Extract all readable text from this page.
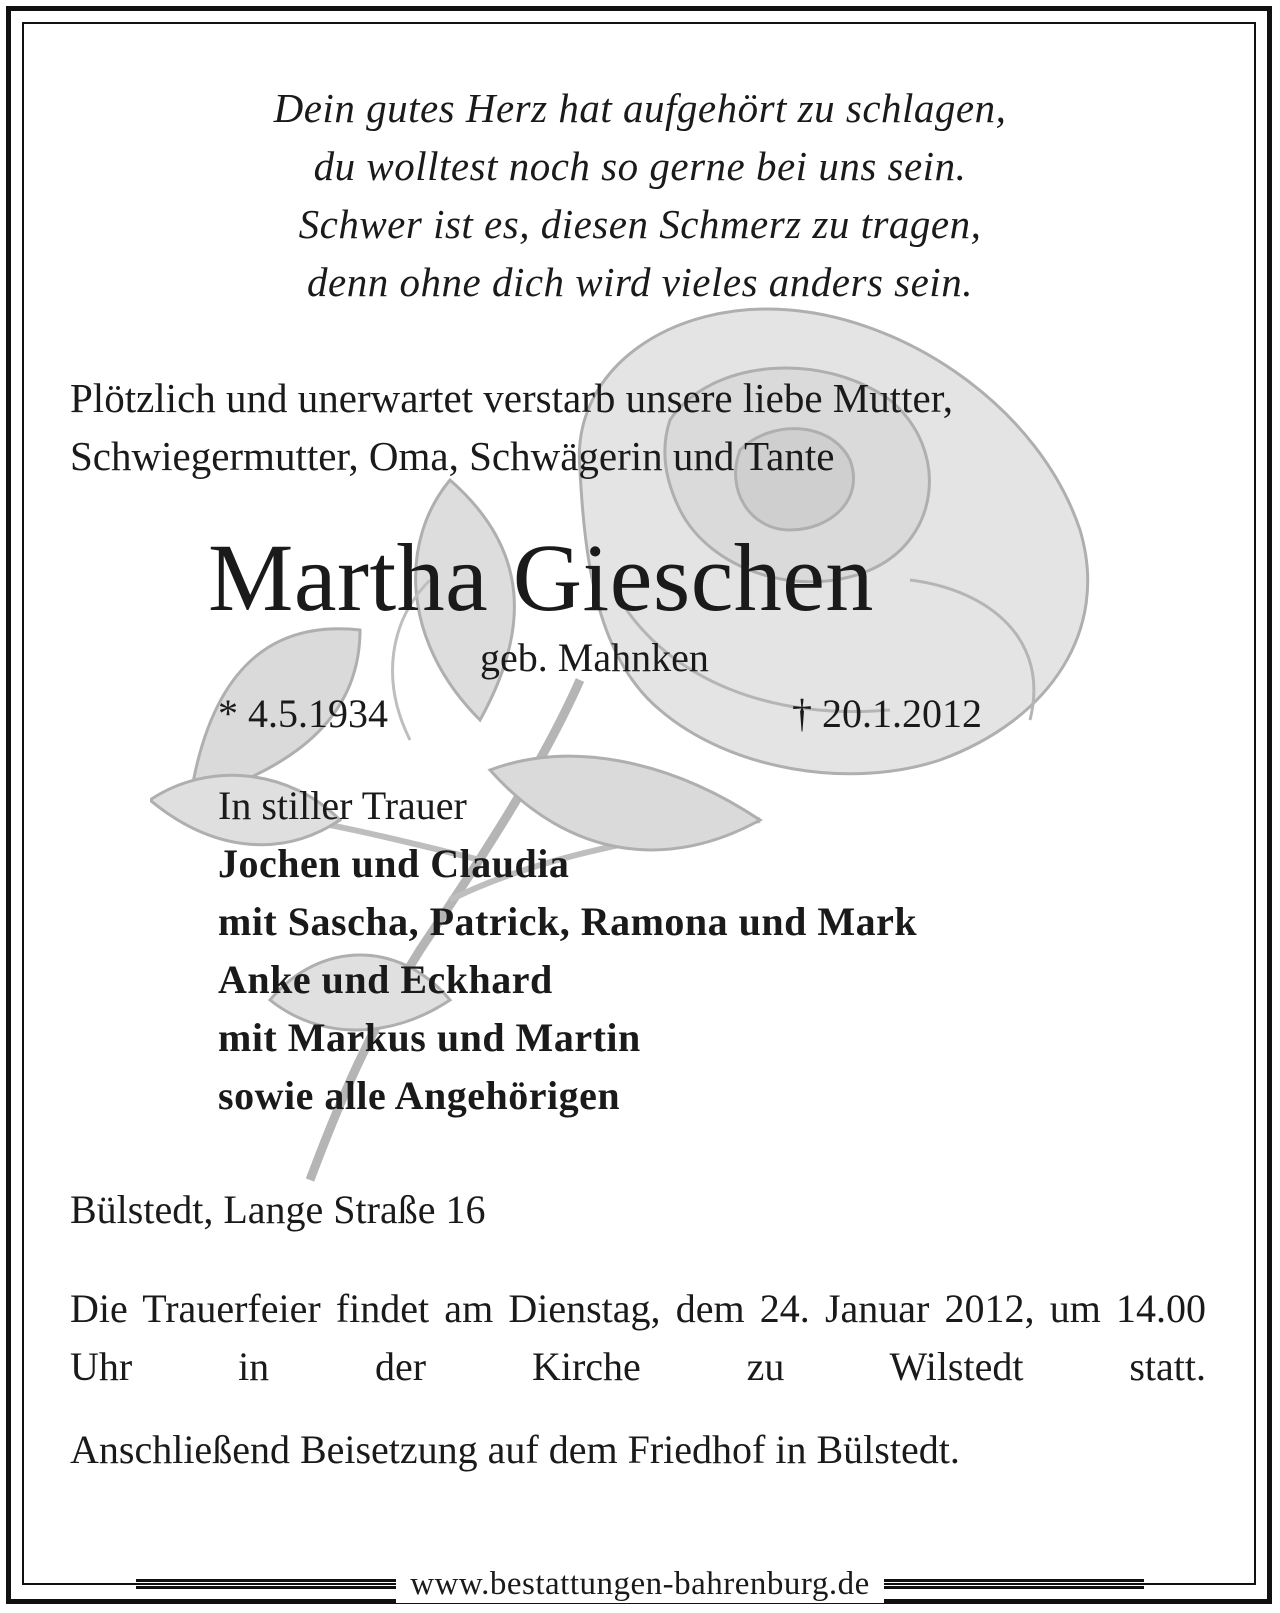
Dein gutes Herz hat aufgehört zu schlagen,
du wolltest noch so gerne bei uns sein.
Schwer ist es, diesen Schmerz zu tragen,
denn ohne dich wird vieles anders sein.
Plötzlich und unerwartet verstarb unsere liebe Mutter,
Schwiegermutter, Oma, Schwägerin und Tante
Martha Gieschen
geb. Mahnken
* 4.5.1934	† 20.1.2012
In stiller Trauer
Jochen und Claudia
mit Sascha, Patrick, Ramona und Mark
Anke und Eckhard
mit Markus und Martin
sowie alle Angehörigen
Bülstedt, Lange Straße 16
Die Trauerfeier findet am Dienstag, dem 24. Januar 2012, um 14.00 Uhr in der Kirche zu Wilstedt statt.
Anschließend Beisetzung auf dem Friedhof in Bülstedt.
www.bestattungen-bahrenburg.de
